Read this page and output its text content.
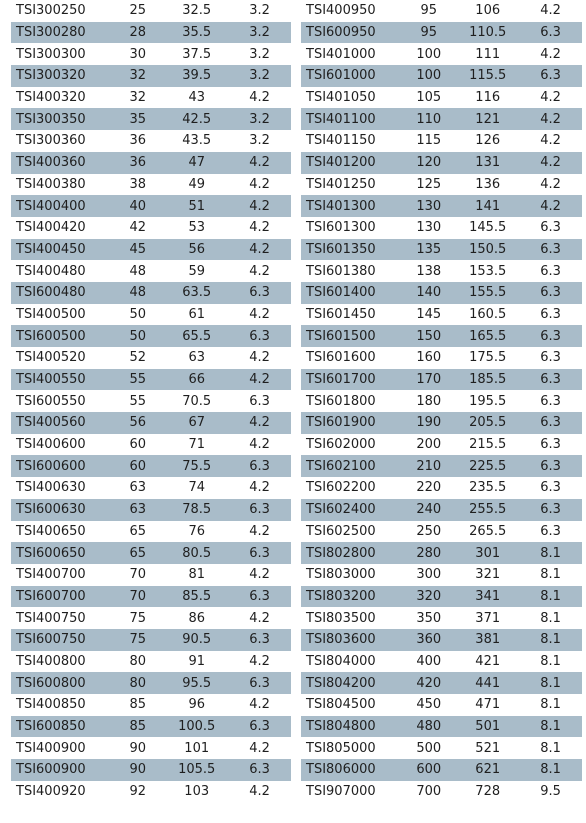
TSI300250	25	32.5	3.2
TSI300280	28	35.5	3.2
TSI300300	30	37.5	3.2
TSI300320	32	39.5	3.2
TSI400320	32	43	4.2
TSI300350	35	42.5	3.2
TSI300360	36	43.5	3.2
TSI400360	36	47	4.2
TSI400380	38	49	4.2
TSI400400	40	51	4.2
TSI400420	42	53	4.2
TSI400450	45	56	4.2
TSI400480	48	59	4.2
TSI600480	48	63.5	6.3
TSI400500	50	61	4.2
TSI600500	50	65.5	6.3
TSI400520	52	63	4.2
TSI400550	55	66	4.2
TSI600550	55	70.5	6.3
TSI400560	56	67	4.2
TSI400600	60	71	4.2
TSI600600	60	75.5	6.3
TSI400630	63	74	4.2
TSI600630	63	78.5	6.3
TSI400650	65	76	4.2
TSI600650	65	80.5	6.3
TSI400700	70	81	4.2
TSI600700	70	85.5	6.3
TSI400750	75	86	4.2
TSI600750	75	90.5	6.3
TSI400800	80	91	4.2
TSI600800	80	95.5	6.3
TSI400850	85	96	4.2
TSI600850	85	100.5	6.3
TSI400900	90	101	4.2
TSI600900	90	105.5	6.3
TSI400920	92	103	4.2
TSI400950	95	106	4.2
TSI600950	95	110.5	6.3
TSI401000	100	111	4.2
TSI601000	100	115.5	6.3
TSI401050	105	116	4.2
TSI401100	110	121	4.2
TSI401150	115	126	4.2
TSI401200	120	131	4.2
TSI401250	125	136	4.2
TSI401300	130	141	4.2
TSI601300	130	145.5	6.3
TSI601350	135	150.5	6.3
TSI601380	138	153.5	6.3
TSI601400	140	155.5	6.3
TSI601450	145	160.5	6.3
TSI601500	150	165.5	6.3
TSI601600	160	175.5	6.3
TSI601700	170	185.5	6.3
TSI601800	180	195.5	6.3
TSI601900	190	205.5	6.3
TSI602000	200	215.5	6.3
TSI602100	210	225.5	6.3
TSI602200	220	235.5	6.3
TSI602400	240	255.5	6.3
TSI602500	250	265.5	6.3
TSI802800	280	301	8.1
TSI803000	300	321	8.1
TSI803200	320	341	8.1
TSI803500	350	371	8.1
TSI803600	360	381	8.1
TSI804000	400	421	8.1
TSI804200	420	441	8.1
TSI804500	450	471	8.1
TSI804800	480	501	8.1
TSI805000	500	521	8.1
TSI806000	600	621	8.1
TSI907000	700	728	9.5
